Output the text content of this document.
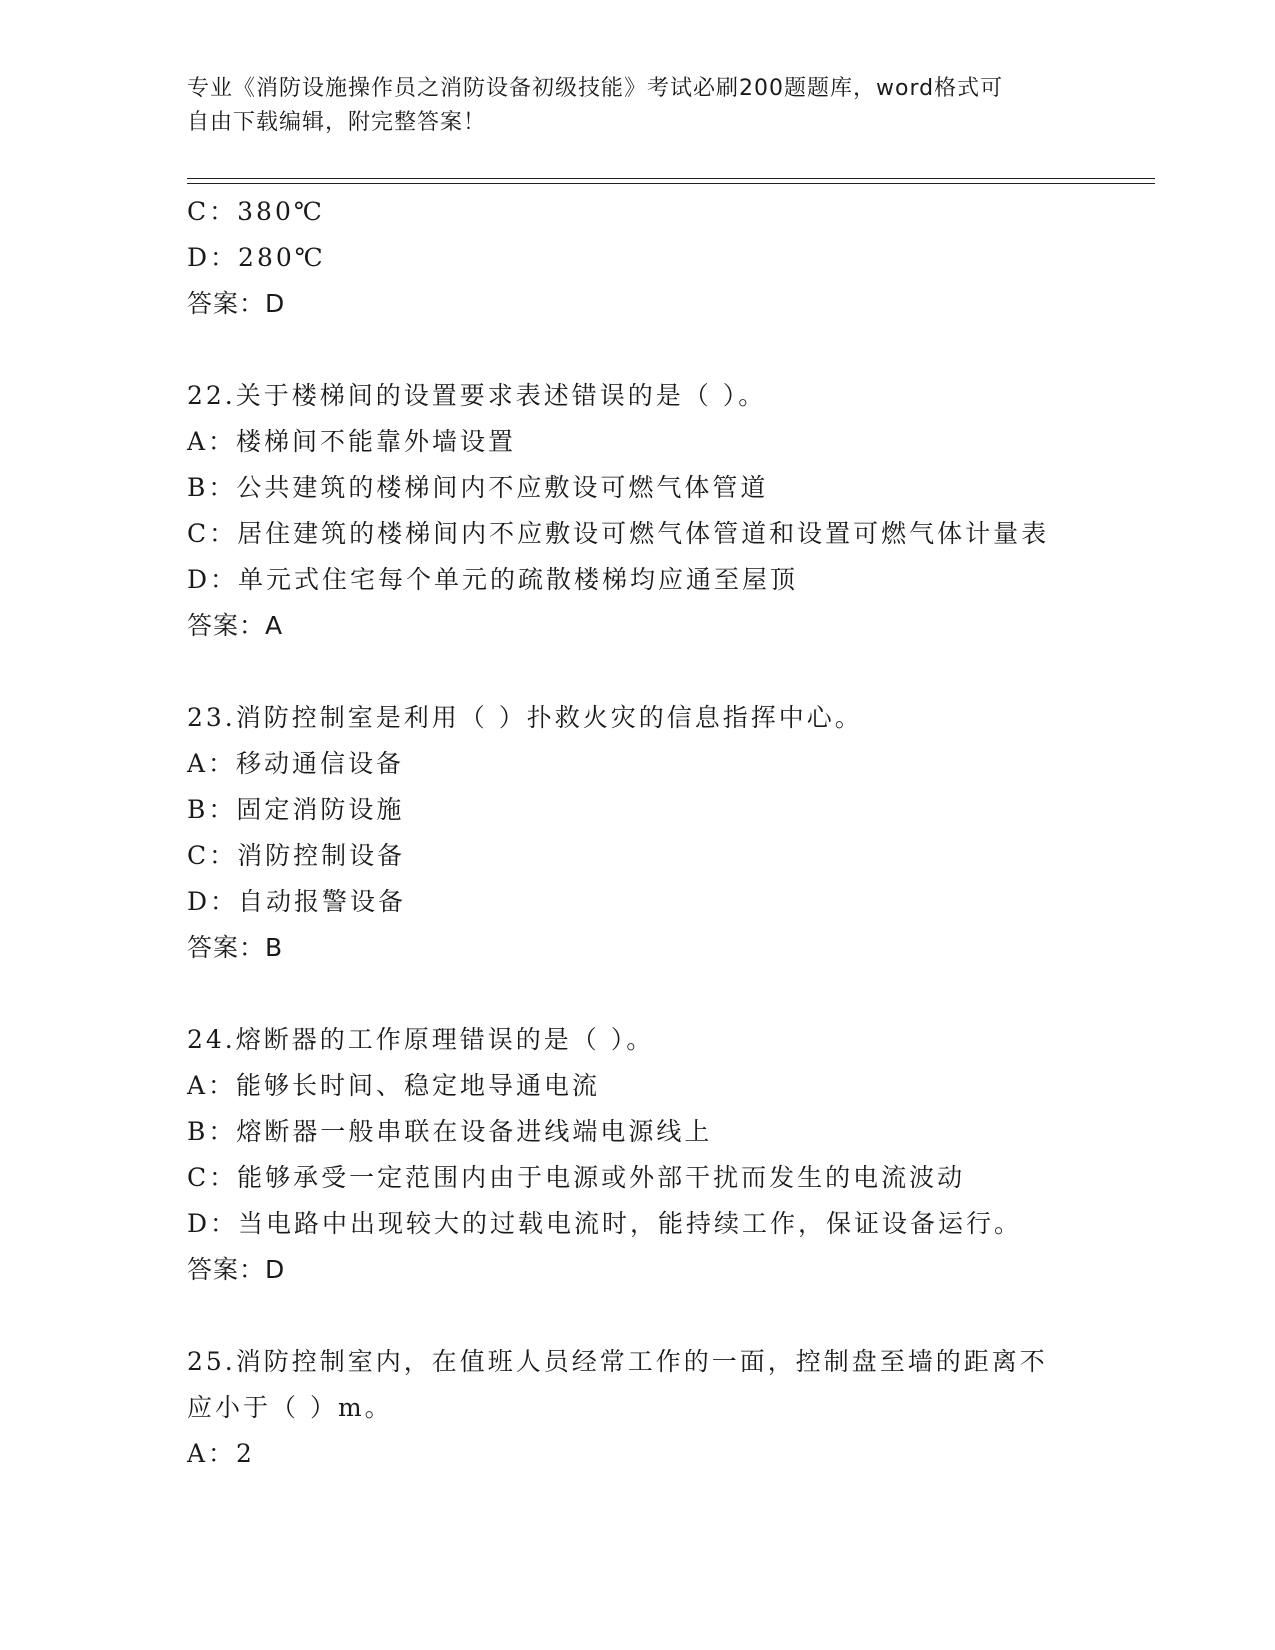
专业《消防设施操作员之消防设备初级技能》考试必刷200题题库，word格式可
自由下载编辑，附完整答案！
C：380℃
D：280℃
答案：D
22.关于楼梯间的设置要求表述错误的是（ ）。
A：楼梯间不能靠外墙设置
B：公共建筑的楼梯间内不应敷设可燃气体管道
C：居住建筑的楼梯间内不应敷设可燃气体管道和设置可燃气体计量表
D：单元式住宅每个单元的疏散楼梯均应通至屋顶
答案：A
23.消防控制室是利用（ ）扑救火灾的信息指挥中心。
A：移动通信设备
B：固定消防设施
C：消防控制设备
D：自动报警设备
答案：B
24.熔断器的工作原理错误的是（ ）。
A：能够长时间、稳定地导通电流
B：熔断器一般串联在设备进线端电源线上
C：能够承受一定范围内由于电源或外部干扰而发生的电流波动
D：当电路中出现较大的过载电流时，能持续工作，保证设备运行。
答案：D
25.消防控制室内，在值班人员经常工作的一面，控制盘至墙的距离不
应小于（ ）m。
A：2
